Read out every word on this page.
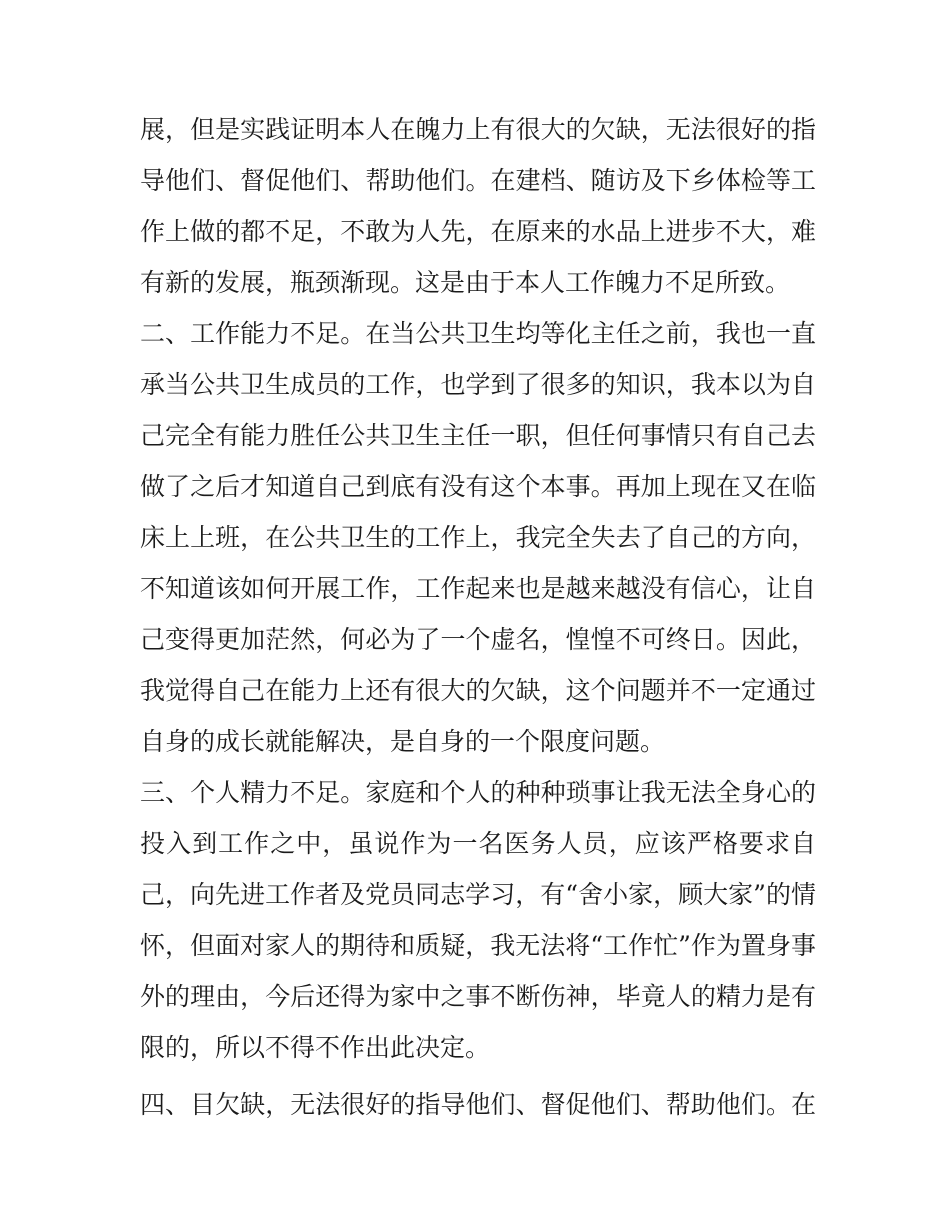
展，但是实践证明本人在魄力上有很大的欠缺，无法很好的指
导他们、督促他们、帮助他们。在建档、随访及下乡体检等工
作上做的都不足，不敢为人先，在原来的水品上进步不大，难
有新的发展，瓶颈渐现。这是由于本人工作魄力不足所致。
二、工作能力不足。在当公共卫生均等化主任之前，我也一直
承当公共卫生成员的工作，也学到了很多的知识，我本以为自
己完全有能力胜任公共卫生主任一职，但任何事情只有自己去
做了之后才知道自己到底有没有这个本事。再加上现在又在临
床上上班，在公共卫生的工作上，我完全失去了自己的方向，
不知道该如何开展工作，工作起来也是越来越没有信心，让自
己变得更加茫然，何必为了一个虚名，惶惶不可终日。因此，
我觉得自己在能力上还有很大的欠缺，这个问题并不一定通过
自身的成长就能解决，是自身的一个限度问题。
三、个人精力不足。家庭和个人的种种琐事让我无法全身心的
投入到工作之中，虽说作为一名医务人员，应该严格要求自
己，向先进工作者及党员同志学习，有“舍小家，顾大家”的情
怀，但面对家人的期待和质疑，我无法将“工作忙”作为置身事
外的理由，今后还得为家中之事不断伤神，毕竟人的精力是有
限的，所以不得不作出此决定。
四、目欠缺，无法很好的指导他们、督促他们、帮助他们。在
